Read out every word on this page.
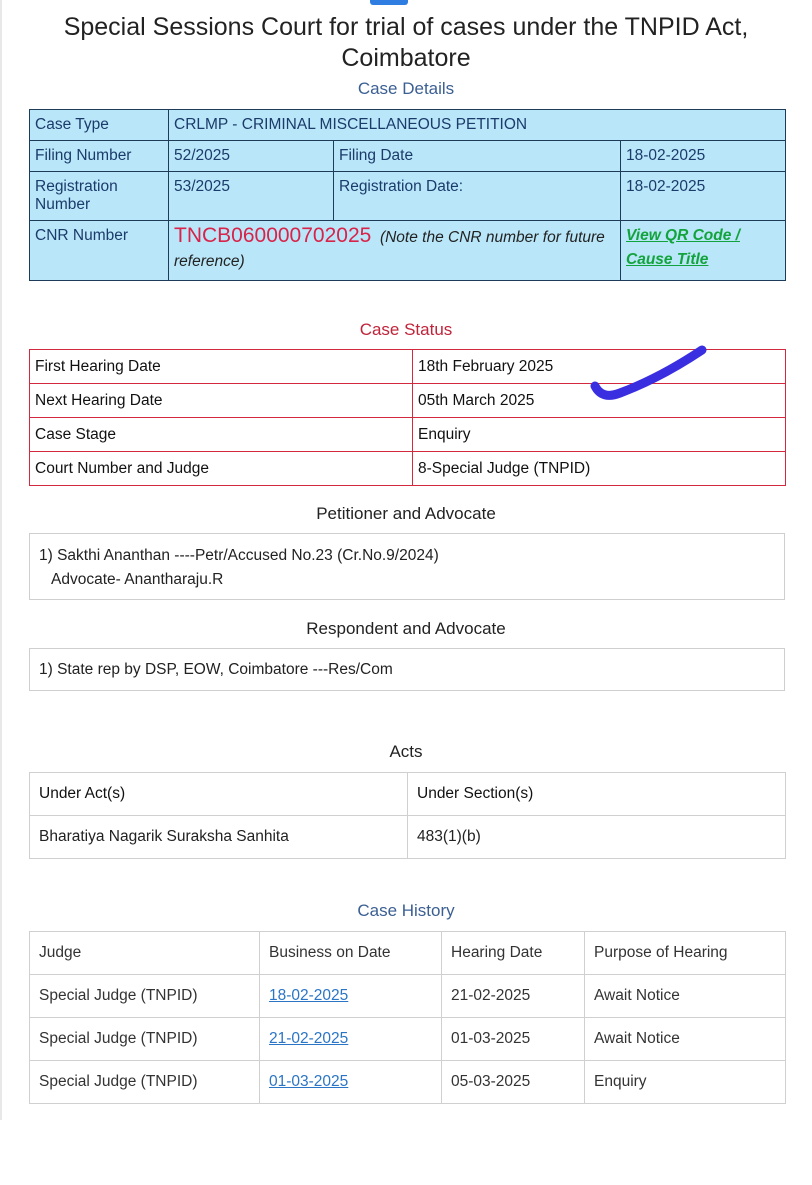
Special Sessions Court for trial of cases under the TNPID Act, Coimbatore
Case Details
Case Type	CRLMP - CRIMINAL MISCELLANEOUS PETITION		
Filing Number	52/2025	Filing Date	18-02-2025
Registration Number	53/2025	Registration Date:	18-02-2025
CNR Number	TNCB060000702025 (Note the CNR number for future reference)		View QR Code / Cause Title
Case Status
First Hearing Date	18th February 2025
Next Hearing Date	05th March 2025
Case Stage	Enquiry
Court Number and Judge	8-Special Judge (TNPID)
Petitioner and Advocate
1) Sakthi Ananthan ----Petr/Accused No.23 (Cr.No.9/2024)
Advocate- Anantharaju.R
Respondent and Advocate
1) State rep by DSP, EOW, Coimbatore ---Res/Com
Acts
Under Act(s)	Under Section(s)
Bharatiya Nagarik Suraksha Sanhita	483(1)(b)
Case History
Judge	Business on Date	Hearing Date	Purpose of Hearing
Special Judge (TNPID)	18-02-2025	21-02-2025	Await Notice
Special Judge (TNPID)	21-02-2025	01-03-2025	Await Notice
Special Judge (TNPID)	01-03-2025	05-03-2025	Enquiry
